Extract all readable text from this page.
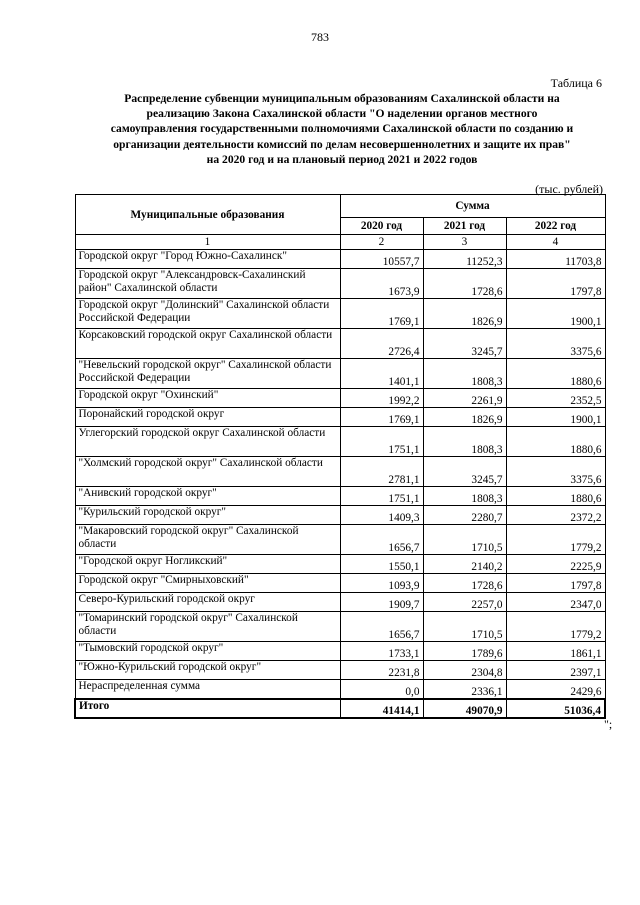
783
Таблица 6
Распределение субвенции муниципальным образованиям Сахалинской области на
реализацию Закона Сахалинской области "О наделении органов местного
самоуправления государственными полномочиями Сахалинской области по созданию и
организации деятельности комиссий по делам несовершеннолетних и защите их прав"
на 2020 год и на плановый период 2021 и 2022 годов
(тыс. рублей)
Муниципальные образования	Сумма		
	2020 год	2021 год	2022 год
1	2	3	4
Городской округ "Город Южно-Сахалинск"	10557,7	11252,3	11703,8
Городской округ "Александровск-Сахалинский район" Сахалинской области	1673,9	1728,6	1797,8
Городской округ "Долинский" Сахалинской области Российской Федерации	1769,1	1826,9	1900,1
Корсаковский городской округ Сахалинской области	2726,4	3245,7	3375,6
"Невельский городской округ" Сахалинской области Российской Федерации	1401,1	1808,3	1880,6
Городской округ "Охинский"	1992,2	2261,9	2352,5
Поронайский городской округ	1769,1	1826,9	1900,1
Углегорский городской округ Сахалинской области	1751,1	1808,3	1880,6
"Холмский городской округ" Сахалинской области	2781,1	3245,7	3375,6
"Анивский городской округ"	1751,1	1808,3	1880,6
"Курильский городской округ"	1409,3	2280,7	2372,2
"Макаровский городской округ" Сахалинской области	1656,7	1710,5	1779,2
"Городской округ Ногликский"	1550,1	2140,2	2225,9
Городской округ "Смирныховский"	1093,9	1728,6	1797,8
Северо-Курильский городской округ	1909,7	2257,0	2347,0
"Томаринский городской округ" Сахалинской области	1656,7	1710,5	1779,2
"Тымовский городской округ"	1733,1	1789,6	1861,1
"Южно-Курильский городской округ"	2231,8	2304,8	2397,1
Нераспределенная сумма	0,0	2336,1	2429,6
Итого	41414,1	49070,9	51036,4
";
